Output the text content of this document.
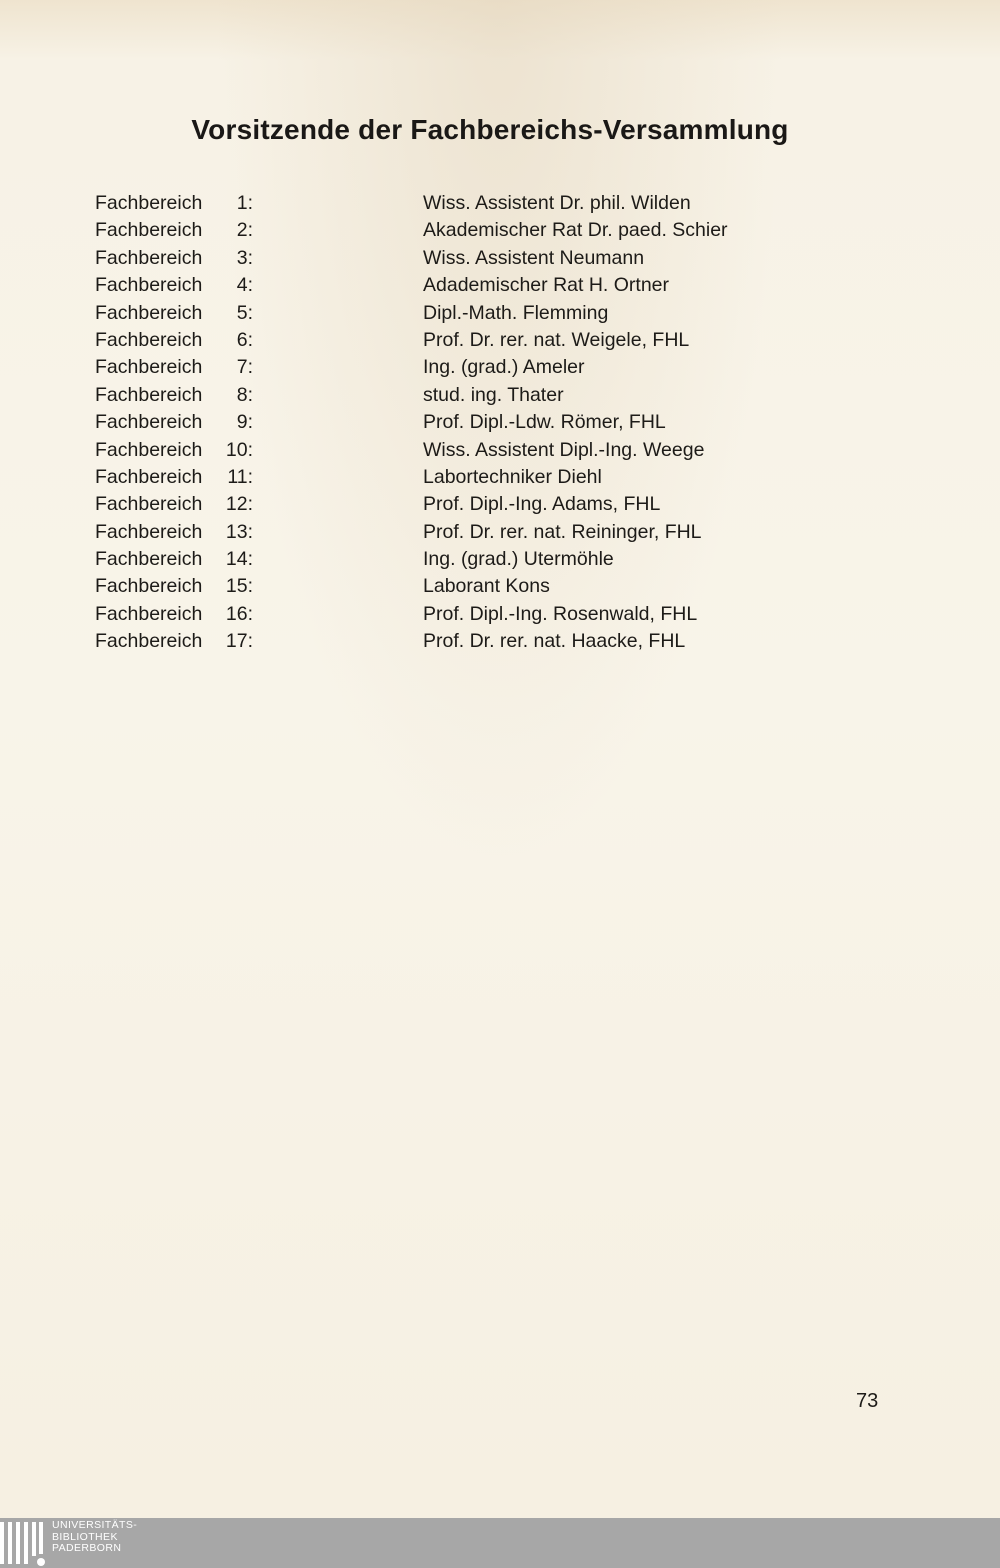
Vorsitzende der Fachbereichs-Versammlung
Fachbereich	1:	Wiss. Assistent Dr. phil. Wilden
Fachbereich	2:	Akademischer Rat Dr. paed. Schier
Fachbereich	3:	Wiss. Assistent Neumann
Fachbereich	4:	Adademischer Rat H. Ortner
Fachbereich	5:	Dipl.-Math. Flemming
Fachbereich	6:	Prof. Dr. rer. nat. Weigele, FHL
Fachbereich	7:	Ing. (grad.) Ameler
Fachbereich	8:	stud. ing. Thater
Fachbereich	9:	Prof. Dipl.-Ldw. Römer, FHL
Fachbereich	10:	Wiss. Assistent Dipl.-Ing. Weege
Fachbereich	11:	Labortechniker Diehl
Fachbereich	12:	Prof. Dipl.-Ing. Adams, FHL
Fachbereich	13:	Prof. Dr. rer. nat. Reininger, FHL
Fachbereich	14:	Ing. (grad.) Utermöhle
Fachbereich	15:	Laborant Kons
Fachbereich	16:	Prof. Dipl.-Ing. Rosenwald, FHL
Fachbereich	17:	Prof. Dr. rer. nat. Haacke, FHL
73
UNIVERSITÄTS-
BIBLIOTHEK
PADERBORN
